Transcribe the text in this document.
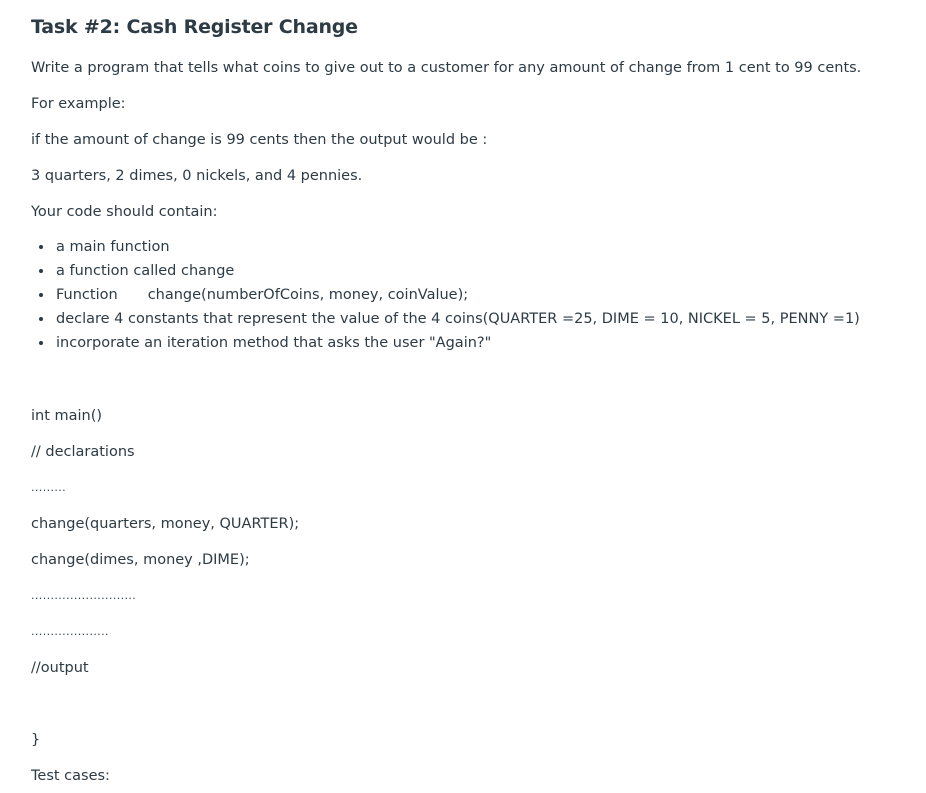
Task #2: Cash Register Change

Write a program that tells what coins to give out to a customer for any amount of change from 1 cent to 99 cents.

For example:

if the amount of change is 99 cents then the output would be :

3 quarters, 2 dimes, 0 nickels, and 4 pennies.

Your code should contain:

a main function
a function called change
Function change(numberOfCoins, money, coinValue);
declare 4 constants that represent the value of the 4 coins(QUARTER =25, DIME = 10, NICKEL = 5, PENNY =1)
incorporate an iteration method that asks the user "Again?"

int main()

// declarations

.........

change(quarters, money, QUARTER);

change(dimes, money ,DIME);

...........................

....................

//output

}

Test cases:
